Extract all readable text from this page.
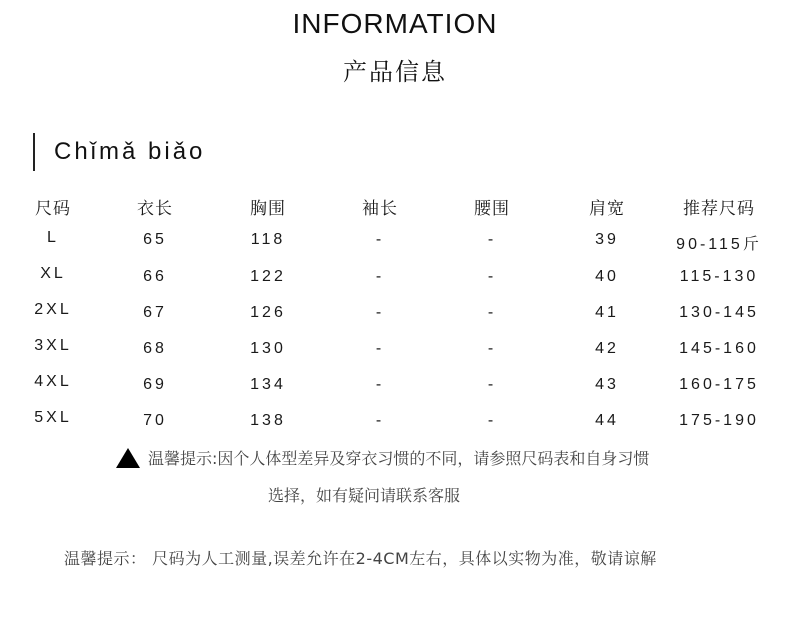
INFORMATION
产品信息
Chǐmǎ biǎo
尺码	衣长	胸围	袖长	腰围	肩宽	推荐尺码
L	65	118	-	-	39	90-115斤
XL	66	122	-	-	40	115-130
2XL	67	126	-	-	41	130-145
3XL	68	130	-	-	42	145-160
4XL	69	134	-	-	43	160-175
5XL	70	138	-	-	44	175-190
温馨提示:因个人体型差异及穿衣习惯的不同，请参照尺码表和自身习惯
选择，如有疑问请联系客服
温馨提示： 尺码为人工测量,误差允许在2-4CM左右，具体以实物为准，敬请谅解
